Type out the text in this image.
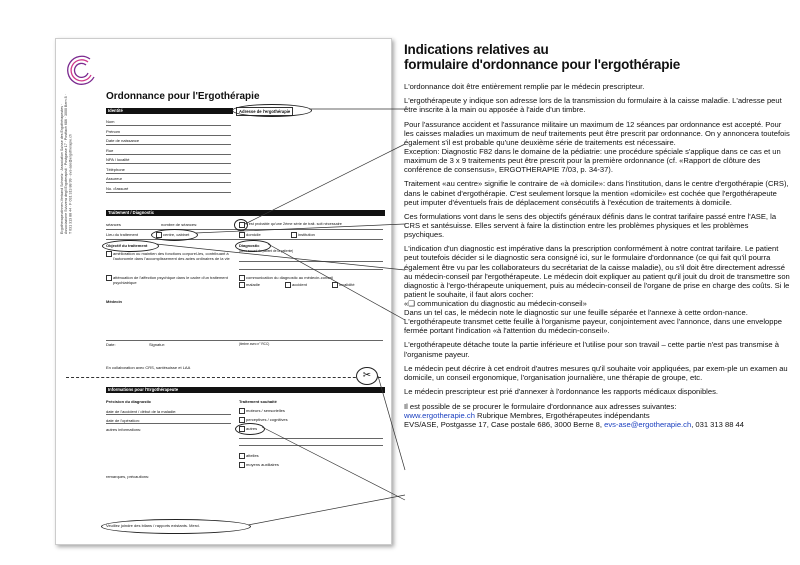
Ergotherapeutinnen-Verband Schweiz · Association Suisse des Ergothérapeutes · Associazione Svizzera degli Ergoterapisti · Postgasse 17 · Postfach 686 · 3000 Bern 8 · T 031 313 88 44 · F 031 313 88 99 · evs-ase@ergotherapie.ch
Ordonnance pour l'Ergothérapie
Identité	Adresse de l'ergothérapie
Nom
Prénom
Date de naissance
Rue
NPA / localité
Téléphone
Assureur
No. d'assuré
Traitement / Diagnostic
séances	nombre de séances:	il est probable qu'une 2ème série de trait. soit nécessaire
Lieu du traitement	centre, cabinet	domicile	institution
Objectif du traitement
amélioration ou maintien des fonctions corporel-les, contribuant à l'autonomie dans l'accomplissement des actes ordinaires de la vie
atténuation de l'affection psychique dans le cadre d'un traitement psychiatrique
Diagnostic
(avec accord du patient de la patiente)
communication du diagnostic au médecin-conseil
maladie	accident	invalidité
Médecin
Date:	Signatur:	(timbre avec n° RCC)
En collaboration avec CRS, santésuisse et LAA
✂
Informations pour l'Ergothérapeute
Précision du diagnostic
date de l'accident / début de la maladie:
date de l'opération:
autres informations:
remarques, précautions:
Traitement souhaité
moteurs / sensorielles
perceptives / cognitives
autres
attelles
moyens auxiliaires
Veuillez joindre des bilans / rapports existants. Merci.
Indications relatives au
formulaire d'ordonnance pour l'ergothérapie

L'ordonnance doit être entièrement remplie par le médecin prescripteur.

L'ergothérapeute y indique son adresse lors de la transmission du formulaire à la caisse maladie. L'adresse peut être inscrite à la main ou apposée à l'aide d'un timbre.

Pour l'assurance accident et l'assurance militaire un maximum de 12 séances par ordonnance est accepté. Pour les caisses maladies un maximum de neuf traitements peut être prescrit par ordonnance. On y annoncera toutefois également s'il est probable qu'une deuxième série de traitements est nécessaire.
Exception: Diagnostic F82 dans le domaine de la pédiatrie: une procédure spéciale s'applique dans ce cas et un maximum de 3 x 9 traitements peut être prescrit pour la première ordonnance (cf. «Rapport de clôture des conférence de consensus», ERGOTHERAPIE 7/03, p. 34-37).

Traitement «au centre» signifie le contraire de «à domicile»: dans l'institution, dans le centre d'ergothérapie (CRS), dans le cabinet d'ergothérapie. C'est seulement lorsque la mention «domicile» est cochée que l'ergothérapeute peut imputer d'éventuels frais de déplacement consécutifs à l'exécution de traitements à domicile.

Ces formulations vont dans le sens des objectifs généraux définis dans le contrat tarifaire passé entre l'ASE, la CRS et santésuisse. Elles servent à faire la distinction entre les problèmes physiques et les problèmes psychiques.

L'indication d'un diagnostic est impérative dans la prescription conformément à notre contrat tarifaire. Le patient peut toutefois décider si le diagnostic sera consigné ici, sur le formulaire d'ordonnance (ce qui fait qu'il pourra également être vu par les collaborateurs du secrétariat de la caisse maladie), ou s'il doit être directement adressé au médecin-conseil par l'ergothérapeute. Le médecin doit expliquer au patient qu'il jouit du droit de transmettre son diagnostic à l'ergo-thérapeute uniquement, puis au médecin-conseil de l'organe de prise en charge des coûts. Si le patient le souhaite, il faut alors cocher:
«❑ communication du diagnostic au médecin-conseil»
Dans un tel cas, le médecin note le diagnostic sur une feuille séparée et l'annexe à cette ordon-nance. L'ergothérapeute transmet cette feuille à l'organisme payeur, conjointement avec l'annonce, dans une enveloppe fermée portant l'indication «à l'attention du médecin-conseil».

L'ergothérapeute détache toute la partie inférieure et l'utilise pour son travail – cette partie n'est pas transmise à l'organisme payeur.

Le médecin peut décrire à cet endroit d'autres mesures qu'il souhaite voir appliquées, par exem-ple un examen au domicile, un conseil ergonomique, l'organisation journalière, une thérapie de groupe, etc.

Le médecin prescripteur est prié d'annexer à l'ordonnance les rapports médicaux disponibles.

Il est possible de se procurer le formulaire d'ordonnance aux adresses suivantes:
www.ergotherapie.ch Rubrique Membres, Ergothérapeutes indépendants
EVS/ASE, Postgasse 17, Case postale 686, 3000 Berne 8, evs-ase@ergotherapie.ch, 031 313 88 44
